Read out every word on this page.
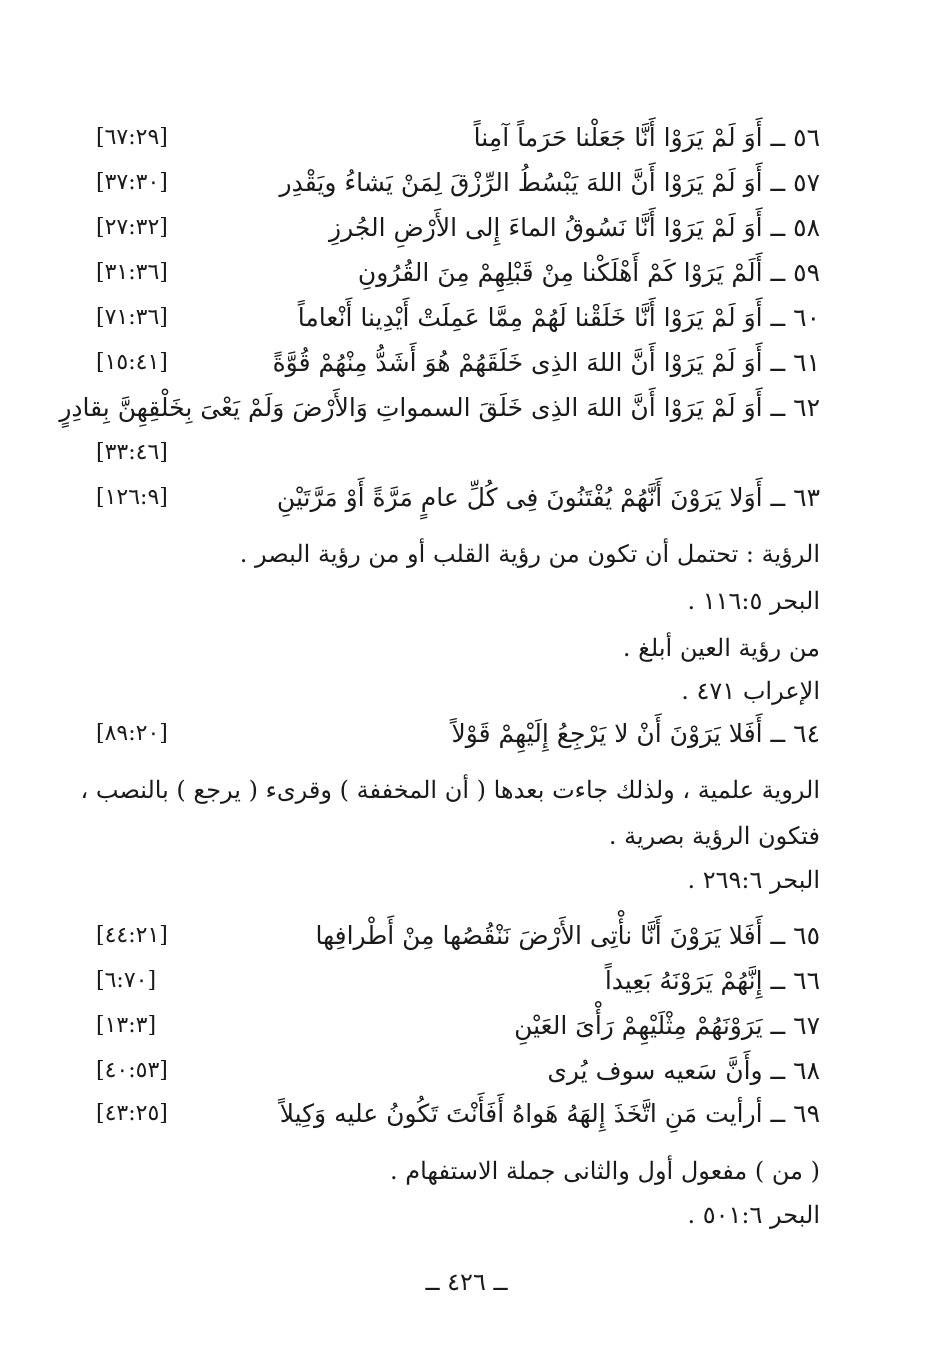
٥٦ ــ أَوَ لَمْ يَرَوْا أَنَّا جَعَلْنا حَرَماً آمِناً
[٦٧:٢٩]
٥٧ ــ أَوَ لَمْ يَرَوْا أَنَّ اللهَ يَبْسُطُ الرِّزْقَ لِمَنْ يَشاءُ ويَقْدِر
[٣٧:٣٠]
٥٨ ــ أَوَ لَمْ يَرَوْا أَنَّا نَسُوقُ الماءَ إِلى الأَرْضِ الجُرزِ
[٢٧:٣٢]
٥٩ ــ أَلَمْ يَرَوْا كَمْ أَهْلَكْنا مِنْ قَبْلِهِمْ مِنَ القُرُونِ
[٣١:٣٦]
٦٠ ــ أَوَ لَمْ يَرَوْا أَنَّا خَلَقْنا لَهُمْ مِمَّا عَمِلَتْ أَيْدِينا أَنْعاماً
[٧١:٣٦]
٦١ ــ أَوَ لَمْ يَرَوْا أَنَّ اللهَ الذِى خَلَقَهُمْ هُوَ أَشَدُّ مِنْهُمْ قُوَّةً
[١٥:٤١]
٦٢ ــ أَوَ لَمْ يَرَوْا أَنَّ اللهَ الذِى خَلَقَ السمواتِ وَالأَرْضَ وَلَمْ يَعْىَ بِخَلْقِهِنَّ بِقادِرٍ
[٣٣:٤٦]
٦٣ ــ أَوَلا يَرَوْنَ أَنَّهُمْ يُفْتَنُونَ فِى كُلِّ عامٍ مَرَّةً أَوْ مَرَّتَيْنِ
[١٢٦:٩]
الرؤية : تحتمل أن تكون من رؤية القلب أو من رؤية البصر .
البحر ١١٦:٥ .
من رؤية العين أبلغ .
الإعراب ٤٧١ .
٦٤ ــ أَفَلا يَرَوْنَ أَنْ لا يَرْجِعُ إِلَيْهِمْ قَوْلاً
[٨٩:٢٠]
الروية علمية ، ولذلك جاءت بعدها ( أن المخففة ) وقرىء ( يرجع ) بالنصب ،
فتكون الرؤية بصرية .
البحر ٢٦٩:٦ .
٦٥ ــ أَفَلا يَرَوْنَ أَنَّا نأْتِى الأَرْضَ نَنْقُصُها مِنْ أَطْرافِها
[٤٤:٢١]
٦٦ ــ إِنَّهُمْ يَرَوْنَهُ بَعِيداً
[٦:٧٠]
٦٧ ــ يَرَوْنَهُمْ مِثْلَيْهِمْ رَأْىَ العَيْنِ
[١٣:٣]
٦٨ ــ وأَنَّ سَعيه سوف يُرى
[٤٠:٥٣]
٦٩ ــ أرأيت مَنِ اتَّخَذَ إِلهَهُ هَواهُ أَفَأَنْتَ تَكُونُ عليه وَكِيلاً
[٤٣:٢٥]
( من ) مفعول أول والثانى جملة الاستفهام .
البحر ٥٠١:٦ .
ــ ٤٢٦ ــ
